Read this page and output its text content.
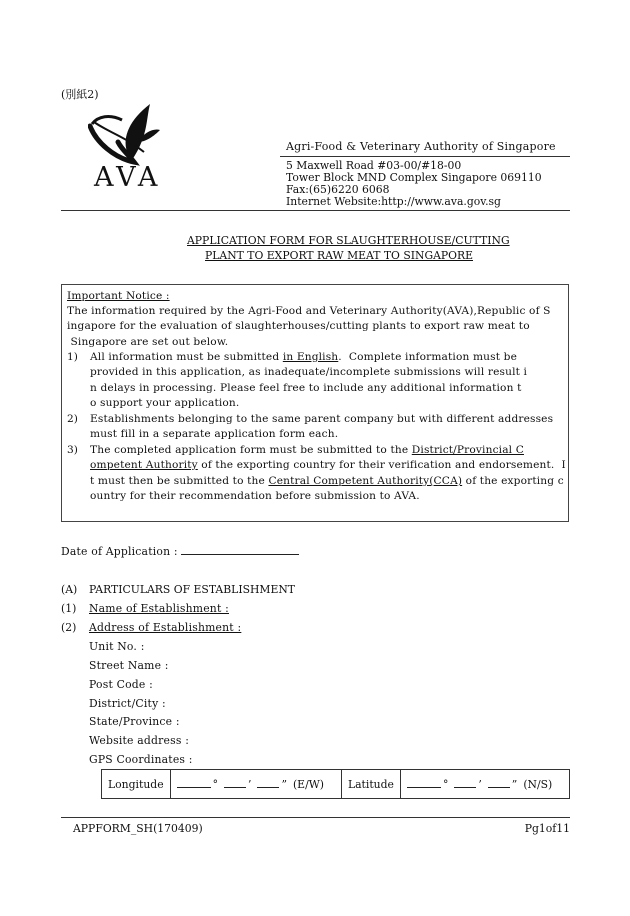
(別紙2)
AVA
Agri-Food & Veterinary Authority of Singapore
5 Maxwell Road #03-00/#18-00
Tower Block MND Complex Singapore 069110
Fax:(65)6220 6068
Internet Website:http://www.ava.gov.sg
APPLICATION FORM FOR SLAUGHTERHOUSE/CUTTING
PLANT TO EXPORT RAW MEAT TO SINGAPORE
Important Notice :
The information required by the Agri-Food and Veterinary Authority(AVA),Republic of S
ingapore for the evaluation of slaughterhouses/cutting plants to export raw meat to
Singapore are set out below.
1) All information must be submitted in English.  Complete information must be
provided in this application, as inadequate/incomplete submissions will result i
n delays in processing. Please feel free to include any additional information t
o support your application.
2) Establishments belonging to the same parent company but with different addresses
must fill in a separate application form each.
3) The completed application form must be submitted to the District/Provincial C
ompetent Authority of the exporting country for their verification and endorsement.  I
t must then be submitted to the Central Competent Authority(CCA) of the exporting c
ountry for their recommendation before submission to AVA.
Date of Application :
(A) PARTICULARS OF ESTABLISHMENT
(1) Name of Establishment :
(2) Address of Establishment :
Unit No. :
Street Name :
Post Code :
District/City :
State/Province :
Website address :
GPS Coordinates :
Longitude	°	’	” (E/W)	Latitude	°	’	” (N/S)
APPFORM_SH(170409)	Pg1of11
